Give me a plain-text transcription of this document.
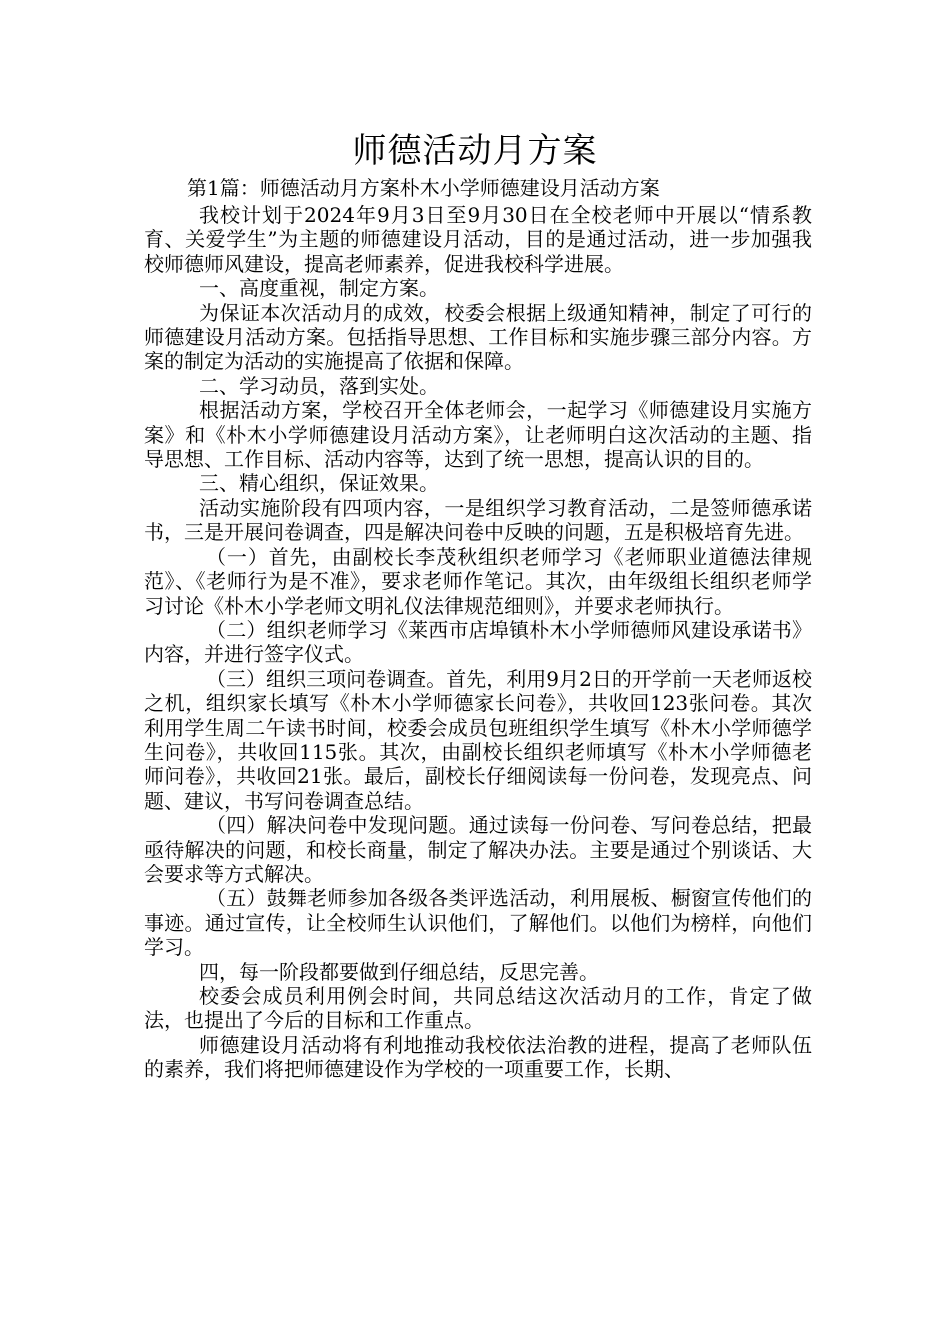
师德活动月方案
第1篇：师德活动月方案朴木小学师德建设月活动方案

我校计划于2024年9月3日至9月30日在全校老师中开展以“情系教育、关爱学生”为主题的师德建设月活动，目的是通过活动，进一步加强我校师德师风建设，提高老师素养，促进我校科学进展。

一、高度重视，制定方案。

为保证本次活动月的成效，校委会根据上级通知精神，制定了可行的师德建设月活动方案。包括指导思想、工作目标和实施步骤三部分内容。方案的制定为活动的实施提高了依据和保障。

二、学习动员，落到实处。

根据活动方案，学校召开全体老师会，一起学习《师德建设月实施方案》和《朴木小学师德建设月活动方案》，让老师明白这次活动的主题、指导思想、工作目标、活动内容等，达到了统一思想，提高认识的目的。

三、精心组织，保证效果。

活动实施阶段有四项内容，一是组织学习教育活动，二是签师德承诺书，三是开展问卷调查，四是解决问卷中反映的问题，五是积极培育先进。

（一）首先，由副校长李茂秋组织老师学习《老师职业道德法律规范》、《老师行为是不准》，要求老师作笔记。其次，由年级组长组织老师学习讨论《朴木小学老师文明礼仪法律规范细则》，并要求老师执行。

（二）组织老师学习《莱西市店埠镇朴木小学师德师风建设承诺书》内容，并进行签字仪式。

（三）组织三项问卷调查。首先，利用9月2日的开学前一天老师返校之机，组织家长填写《朴木小学师德家长问卷》，共收回123张问卷。其次利用学生周二午读书时间，校委会成员包班组织学生填写《朴木小学师德学生问卷》，共收回115张。其次，由副校长组织老师填写《朴木小学师德老师问卷》，共收回21张。最后，副校长仔细阅读每一份问卷，发现亮点、问题、建议，书写问卷调查总结。

（四）解决问卷中发现问题。通过读每一份问卷、写问卷总结，把最亟待解决的问题，和校长商量，制定了解决办法。主要是通过个别谈话、大会要求等方式解决。

（五）鼓舞老师参加各级各类评选活动，利用展板、橱窗宣传他们的事迹。通过宣传，让全校师生认识他们，了解他们。以他们为榜样，向他们学习。

四，每一阶段都要做到仔细总结，反思完善。

校委会成员利用例会时间，共同总结这次活动月的工作，肯定了做法，也提出了今后的目标和工作重点。

师德建设月活动将有利地推动我校依法治教的进程，提高了老师队伍的素养，我们将把师德建设作为学校的一项重要工作，长期、
